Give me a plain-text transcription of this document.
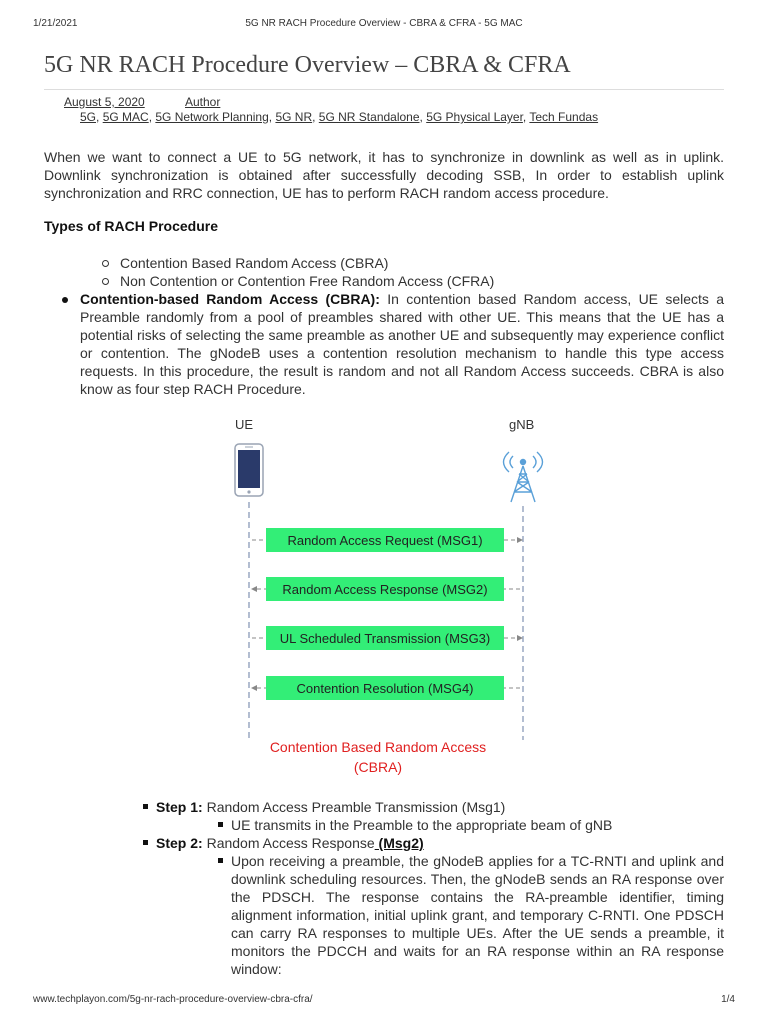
1/21/2021	5G NR RACH Procedure Overview - CBRA & CFRA - 5G MAC
5G NR RACH Procedure Overview – CBRA & CFRA
August 5, 2020	Author
5G, 5G MAC, 5G Network Planning, 5G NR, 5G NR Standalone, 5G Physical Layer, Tech Fundas

When we want to connect a UE to 5G network, it has to synchronize in downlink as well as in uplink. Downlink synchronization is obtained after successfully decoding SSB, In order to establish uplink synchronization and RRC connection, UE has to perform RACH random access procedure.

Types of RACH Procedure
Contention Based Random Access (CBRA)
Non Contention or Contention Free Random Access (CFRA)

Contention-based Random Access (CBRA): In contention based Random access, UE selects a Preamble randomly from a pool of preambles shared with other UE. This means that the UE has a potential risks of selecting the same preamble as another UE and subsequently may experience conflict or contention. The gNodeB uses a contention resolution mechanism to handle this type access requests. In this procedure, the result is random and not all Random Access succeeds. CBRA is also know as four step RACH Procedure.

UE	gNB
Random Access Request (MSG1)
Random Access Response (MSG2)
UL Scheduled Transmission (MSG3)
Contention Resolution (MSG4)
Contention Based Random Access
(CBRA)
Step 1: Random Access Preamble Transmission (Msg1)
UE transmits in the Preamble to the appropriate beam of gNB
Step 2: Random Access Response (Msg2)
Upon receiving a preamble, the gNodeB applies for a TC-RNTI and uplink and downlink scheduling resources. Then, the gNodeB sends an RA response over the PDSCH. The response contains the RA-preamble identifier, timing alignment information, initial uplink grant, and temporary C-RNTI. One PDSCH can carry RA responses to multiple UEs. After the UE sends a preamble, it monitors the PDCCH and waits for an RA response within an RA response window:
www.techplayon.com/5g-nr-rach-procedure-overview-cbra-cfra/	1/4
